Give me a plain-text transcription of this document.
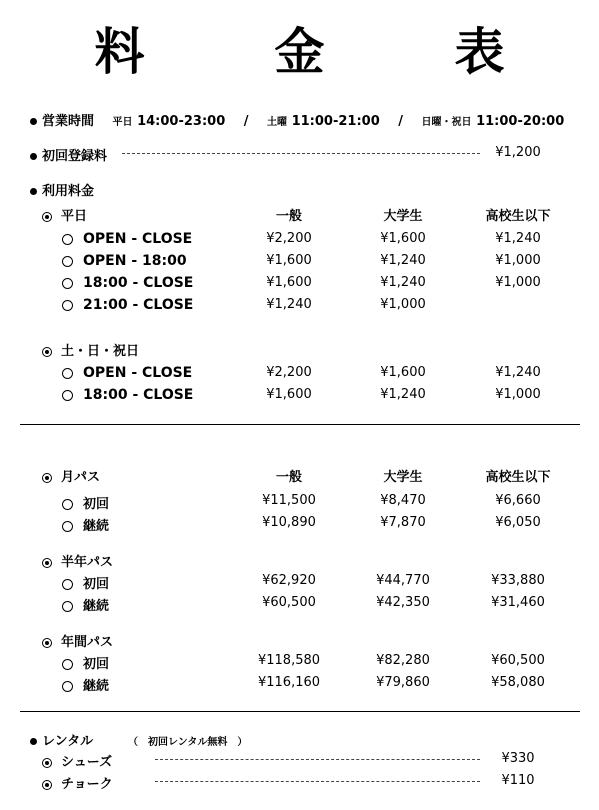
料　金　表
営業時間 平日 14:00-23:00 / 土曜 11:00-21:00 / 日曜・祝日 11:00-20:00
初回登録料	¥1,200
利用料金
平日	一般	大学生	高校生以下
OPEN - CLOSE	¥2,200	¥1,600	¥1,240
OPEN - 18:00	¥1,600	¥1,240	¥1,000
18:00 - CLOSE	¥1,600	¥1,240	¥1,000
21:00 - CLOSE	¥1,240	¥1,000
土・日・祝日
OPEN - CLOSE	¥2,200	¥1,600	¥1,240
18:00 - CLOSE	¥1,600	¥1,240	¥1,000
月パス	一般	大学生	高校生以下
初回	¥11,500	¥8,470	¥6,660
継続	¥10,890	¥7,870	¥6,050
半年パス
初回	¥62,920	¥44,770	¥33,880
継続	¥60,500	¥42,350	¥31,460
年間パス
初回	¥118,580	¥82,280	¥60,500
継続	¥116,160	¥79,860	¥58,080
レンタル	（　初回レンタル無料　）
シューズ	¥330
チョーク	¥110
